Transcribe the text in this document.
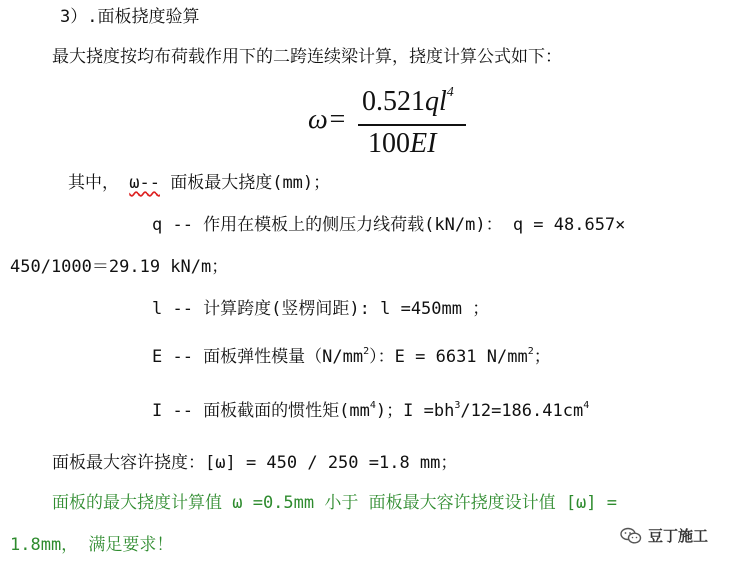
3）.面板挠度验算
最大挠度按均布荷载作用下的二跨连续梁计算，挠度计算公式如下：
ω=
$0.521ql^4$
100EI
其中， ω-- 面板最大挠度(mm)；
q -- 作用在模板上的侧压力线荷载(kN/m)： q = 48.657×
450/1000＝29.19 kN/m；
l -- 计算跨度(竖楞间距): l =450mm ；
E -- 面板弹性模量$(N/mm^2)$：E = 6631 $N/mm^2$；
I -- 面板截面的惯性矩$(mm^4)$；$I =bh^3/12=186.41cm^4$
面板最大容许挠度：[ω] = 450 / 250 =1.8 mm；
面板的最大挠度计算值 ω =0.5mm 小于 面板最大容许挠度设计值 [ω] =
1.8mm， 满足要求！	豆丁施工
